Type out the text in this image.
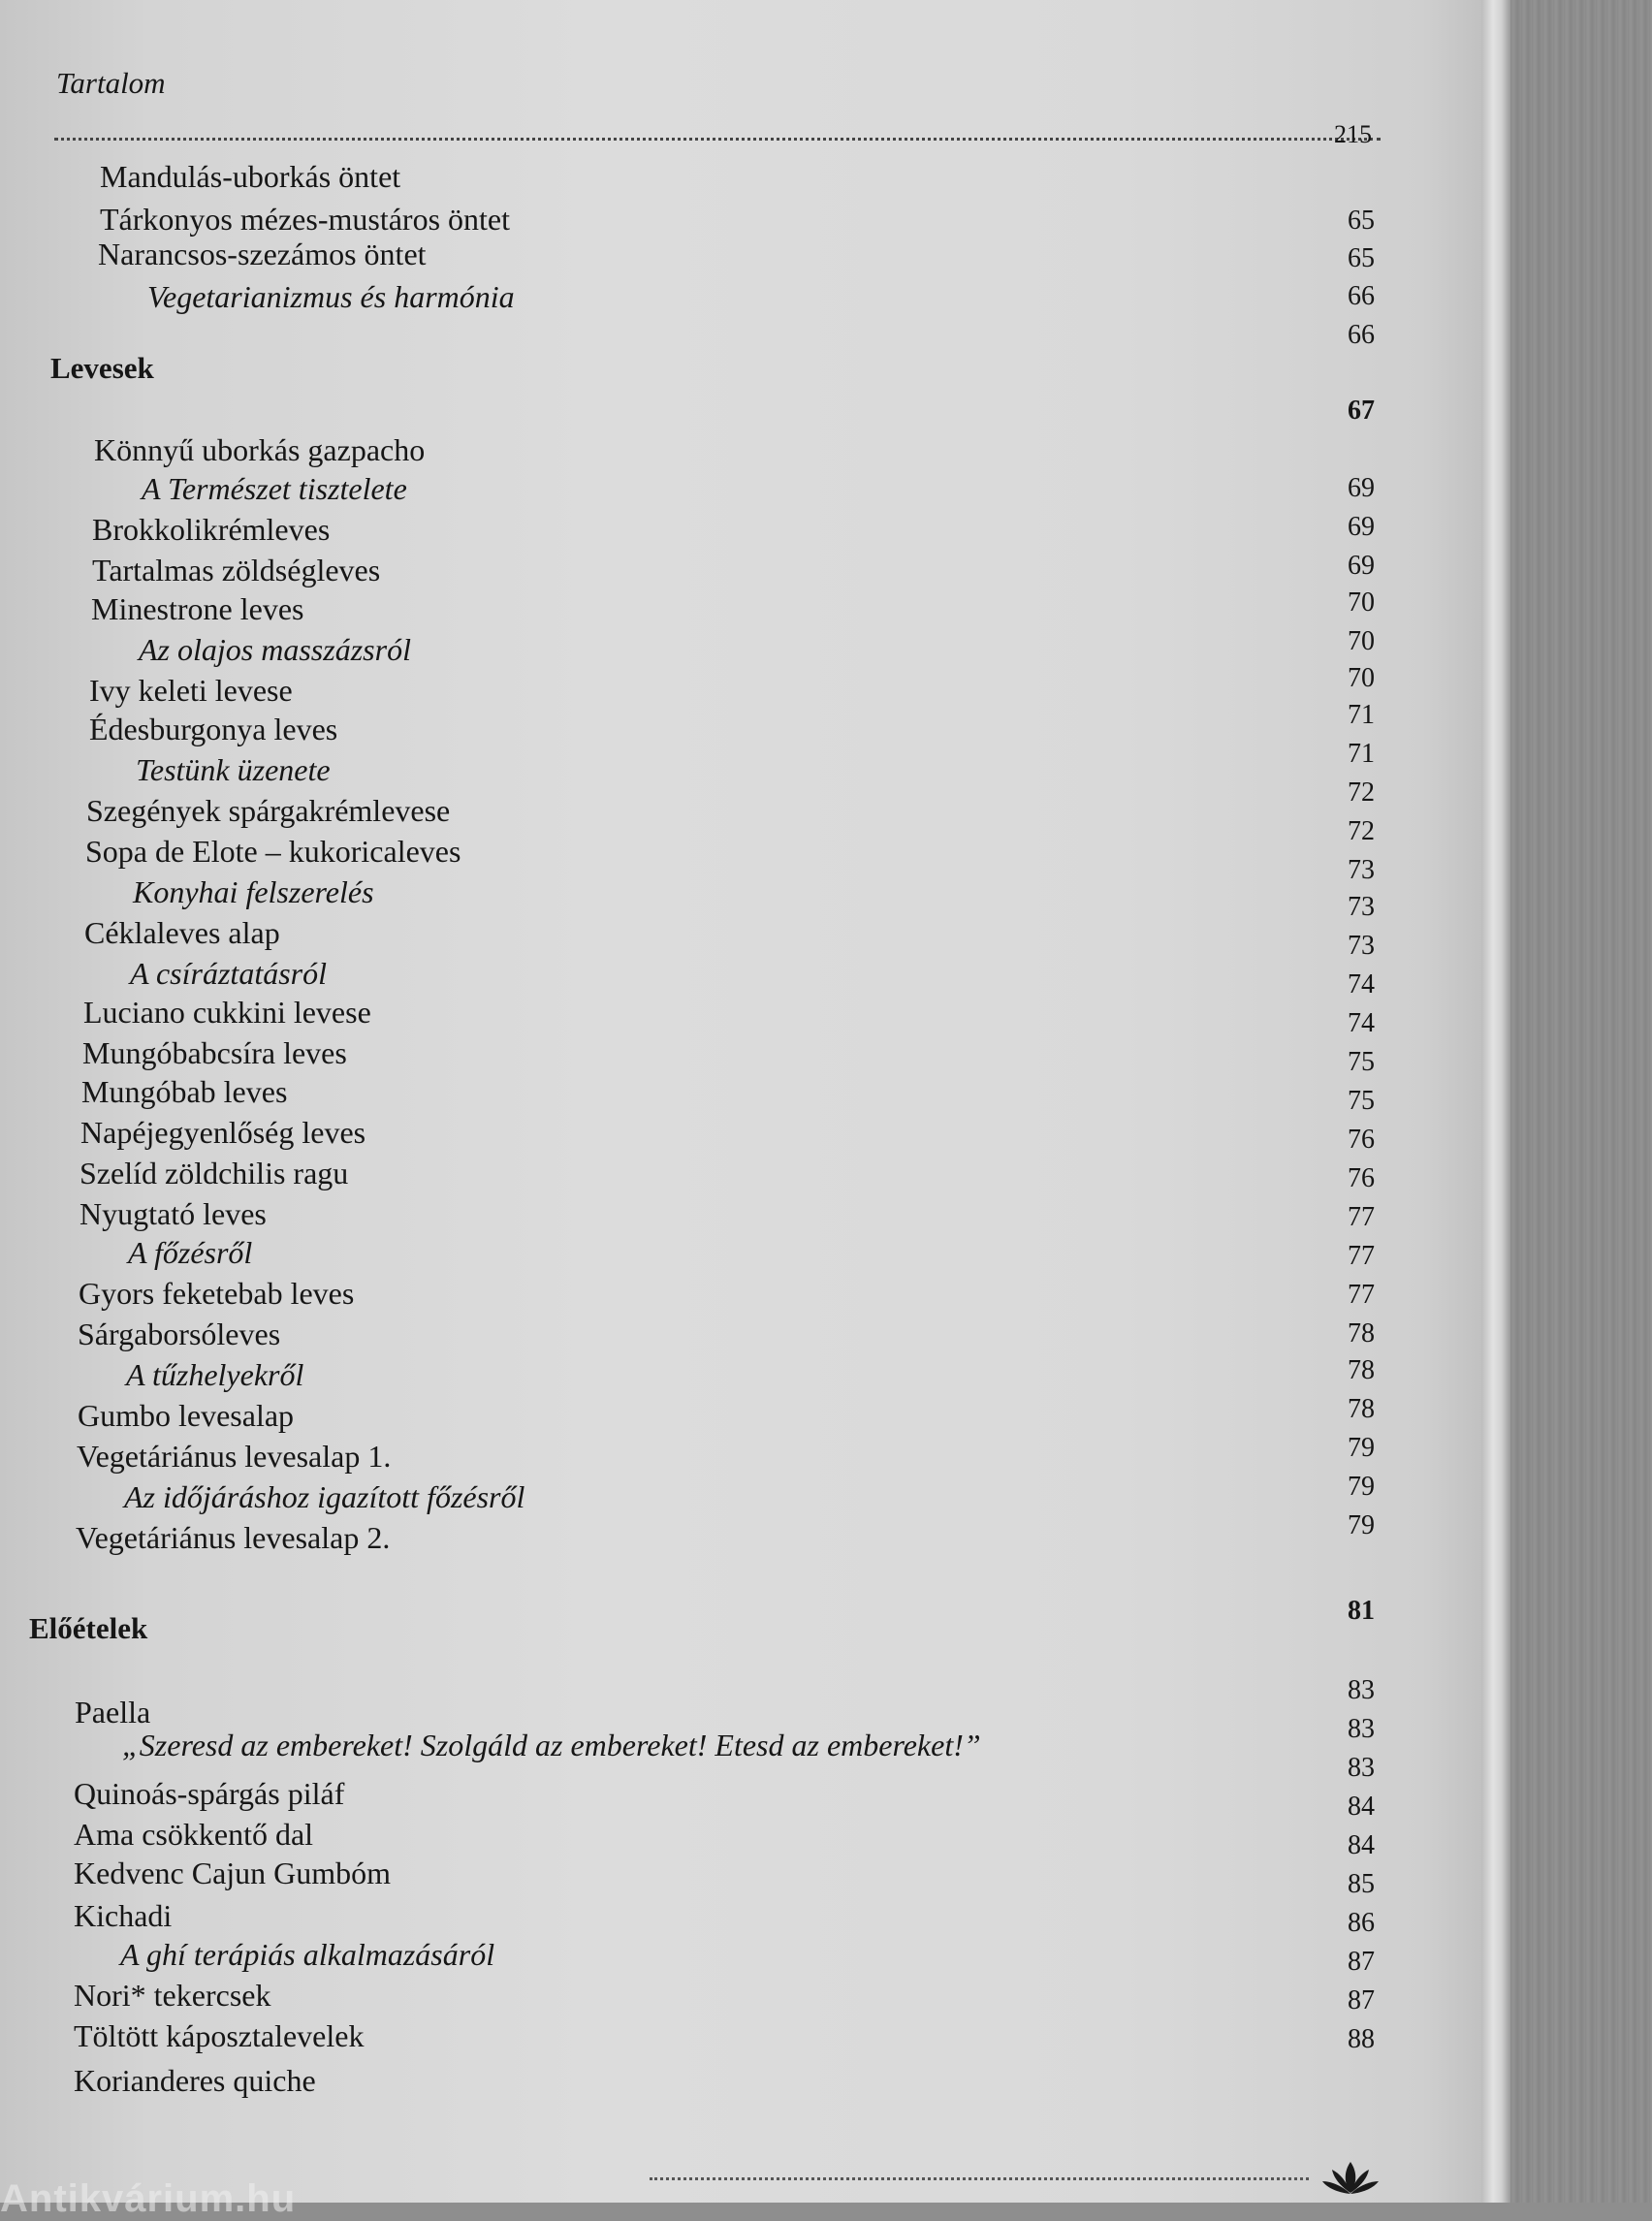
Tartalom
215
Mandulás-uborkás öntet
Tárkonyos mézes-mustáros öntet
Narancsos-szezámos öntet
Vegetarianizmus és harmónia
Levesek
Könnyű uborkás gazpacho
A Természet tisztelete
Brokkolikrémleves
Tartalmas zöldségleves
Minestrone leves
Az olajos masszázsról
Ivy keleti levese
Édesburgonya leves
Testünk üzenete
Szegények spárgakrémlevese
Sopa de Elote – kukoricaleves
Konyhai felszerelés
Céklaleves alap
A csíráztatásról
Luciano cukkini levese
Mungóbabcsíra leves
Mungóbab leves
Napéjegyenlőség leves
Szelíd zöldchilis ragu
Nyugtató leves
A főzésről
Gyors feketebab leves
Sárgaborsóleves
A tűzhelyekről
Gumbo levesalap
Vegetáriánus levesalap 1.
Az időjáráshoz igazított főzésről
Vegetáriánus levesalap 2.
Előételek
Paella
„Szeresd az embereket! Szolgáld az embereket! Etesd az embereket!”
Quinoás-spárgás piláf
Ama csökkentő dal
Kedvenc Cajun Gumbóm
Kichadi
A ghí terápiás alkalmazásáról
Nori* tekercsek
Töltött káposztalevelek
Korianderes quiche
65
65
66
66
67
69
69
69
70
70
70
71
71
72
72
73
73
73
74
74
75
75
76
76
77
77
77
78
78
78
79
79
79
81
83
83
83
84
84
85
86
87
87
88
Antikvárium.hu
